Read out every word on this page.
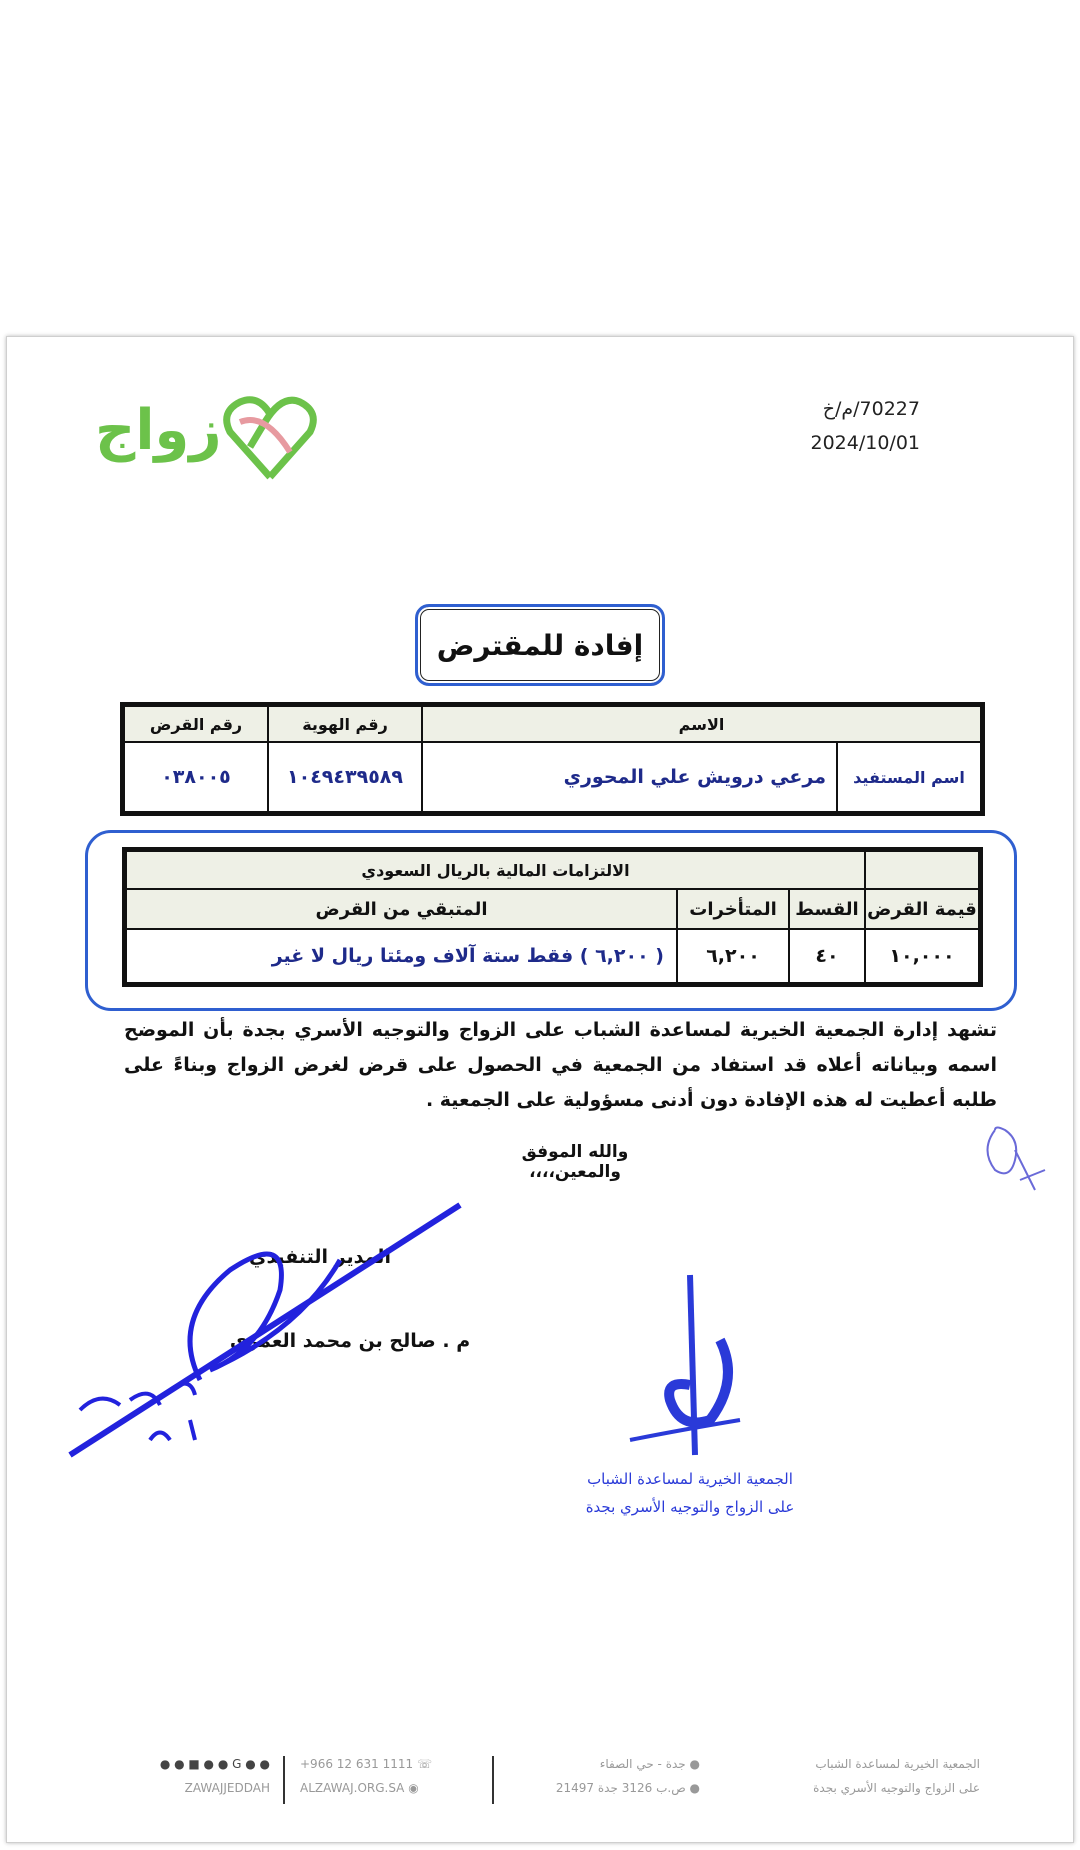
زواج	70227/م/خ
2024/10/01
إفادة للمقترض
الاسم		رقم الهوية	رقم القرض
اسم المستفيد	مرعي درويش علي المحوري	١٠٤٩٤٣٩٥٨٩	٠٣٨٠٠٥
	الالتزامات المالية بالريال السعودي		
قيمة القرض	القسط	المتأخرات	المتبقي من القرض
١٠,٠٠٠	٤٠	٦,٢٠٠	( ٦,٢٠٠ ) فقط ستة آلاف ومئتا ريال لا غير
تشهد إدارة الجمعية الخيرية لمساعدة الشباب على الزواج والتوجيه الأسري بجدة بأن الموضح اسمه وبياناته أعلاه قد استفاد من الجمعية في الحصول على قرض لغرض الزواج وبناءً على طلبه أعطيت له هذه الإفادة دون أدنى مسؤولية على الجمعية .
والله الموفق والمعين،،،،
المدير التنفيذي
م . صالح بن محمد العمري
الجمعية الخيرية لمساعدة الشباب
على الزواج والتوجيه الأسري بجدة
الجمعية الخيرية لمساعدة الشباب
على الزواج والتوجيه الأسري بجدة
● جدة - حي الصفاء
● ص.ب 3126 جدة 21497
+966 12 631 1111 ☏
ALZAWAJ.ORG.SA ◉
● ● ■ ● ● G ● ●
ZAWAJJEDDAH
